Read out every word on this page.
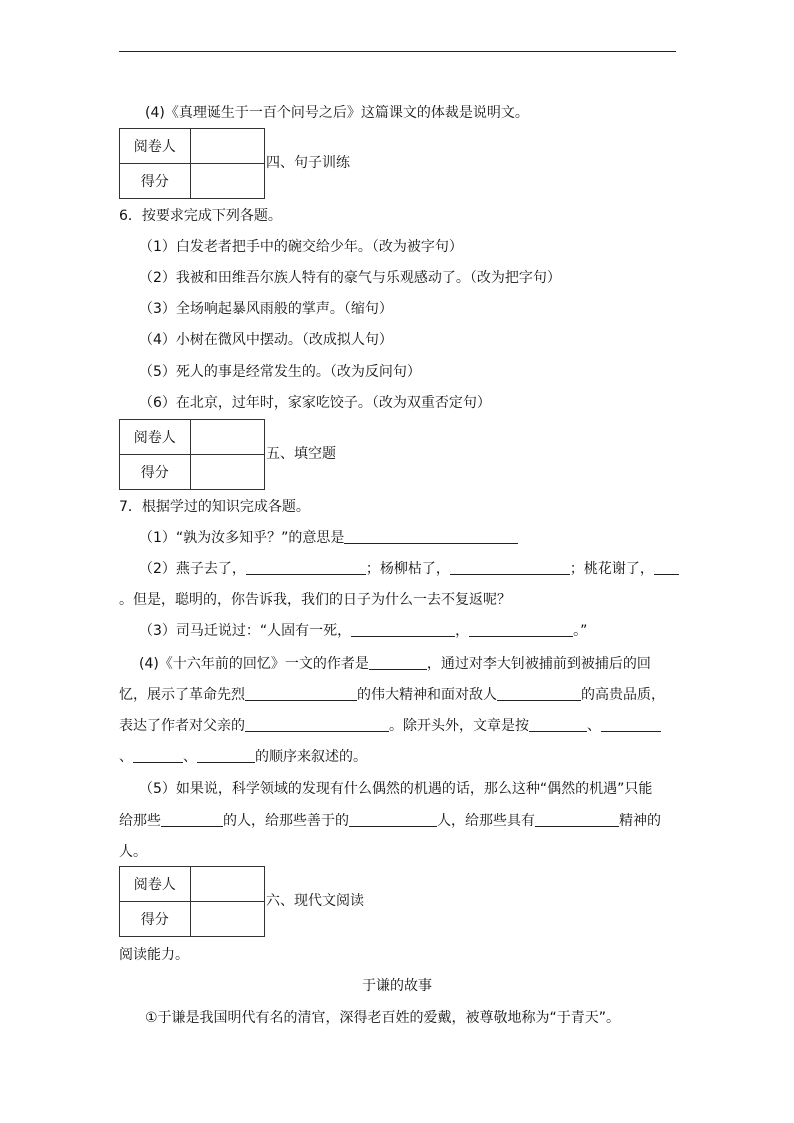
(4)《真理诞生于一百个问号之后》这篇课文的体裁是说明文。
阅卷人	
得分	
四、句子训练
6．按要求完成下列各题。
（1）白发老者把手中的碗交给少年。（改为被字句）
（2）我被和田维吾尔族人特有的豪气与乐观感动了。（改为把字句）
（3）全场响起暴风雨般的掌声。（缩句）
（4）小树在微风中摆动。（改成拟人句）
（5）死人的事是经常发生的。（改为反问句）
（6）在北京，过年时，家家吃饺子。（改为双重否定句）
阅卷人	
得分	
五、填空题
7．根据学过的知识完成各题。
（1）“孰为汝多知乎？”的意思是
（2）燕子去了，	；杨柳枯了，	；桃花谢了，
。但是，聪明的，你告诉我，我们的日子为什么一去不复返呢？
（3）司马迁说过：“人固有一死，	，	。”
(4)《十六年前的回忆》一文的作者是	，通过对李大钊被捕前到被捕后的回
忆，展示了革命先烈	的伟大精神和面对敌人	的高贵品质，
表达了作者对父亲的	。除开头外，文章是按	、
、	、	的顺序来叙述的。
（5）如果说，科学领域的发现有什么偶然的机遇的话，那么这种“偶然的机遇”只能
给那些	的人，给那些善于的	人，给那些具有	精神的
人。
阅卷人	
得分	
六、现代文阅读
阅读能力。
于谦的故事
①于谦是我国明代有名的清官，深得老百姓的爱戴，被尊敬地称为“于青天”。
